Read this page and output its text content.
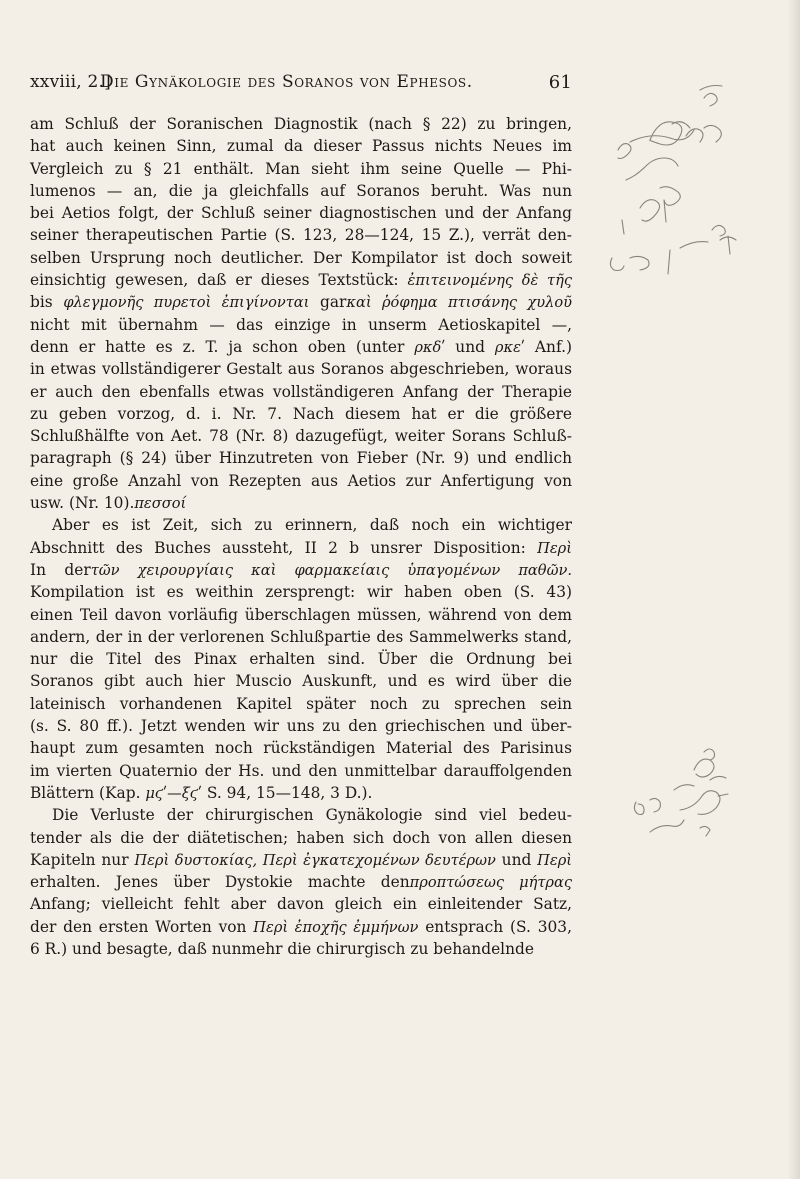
xxviii, 2.]
Die Gynäkologie des Soranos von Ephesos.	61
am Schluß der Soranischen Diagnostik (nach § 22) zu bringen,
hat auch keinen Sinn, zumal da dieser Passus nichts Neues im
Vergleich zu § 21 enthält. Man sieht ihm seine Quelle — Phi-
lumenos — an, die ja gleichfalls auf Soranos beruht. Was nun
bei Aetios folgt, der Schluß seiner diagnostischen und der Anfang
seiner therapeutischen Partie (S. 123, 28—124, 15 Z.), verrät den-
selben Ursprung noch deutlicher. Der Kompilator ist doch soweit
einsichtig gewesen, daß er dieses Textstück: ἐπιτεινομένης δὲ τῆς
bis φλεγμονῆς πυρετοὶ ἐπιγίνονται garκαὶ ῥόφημα πτισάνης χυλοῦ
nicht mit übernahm — das einzige in unserm Aetioskapitel —,
denn er hatte es z. T. ja schon oben (unter ρκδʹ und ρκεʹ Anf.)
in etwas vollständigerer Gestalt aus Soranos abgeschrieben, woraus
er auch den ebenfalls etwas vollständigeren Anfang der Therapie
zu geben vorzog, d. i. Nr. 7. Nach diesem hat er die größere
Schlußhälfte von Aet. 78 (Nr. 8) dazugefügt, weiter Sorans Schluß-
paragraph (§ 24) über Hinzutreten von Fieber (Nr. 9) und endlich
eine große Anzahl von Rezepten aus Aetios zur Anfertigung von
usw. (Nr. 10).πεσσοί
Aber es ist Zeit, sich zu erinnern, daß noch ein wichtiger
Abschnitt des Buches aussteht, II 2 b unsrer Disposition: Περὶ
In derτῶν χειρουργίαις καὶ φαρμακείαις ὑπαγομένων παθῶν.
Kompilation ist es weithin zersprengt: wir haben oben (S. 43)
einen Teil davon vorläufig überschlagen müssen, während von dem
andern, der in der verlorenen Schlußpartie des Sammelwerks stand,
nur die Titel des Pinax erhalten sind. Über die Ordnung bei
Soranos gibt auch hier Muscio Auskunft, und es wird über die
lateinisch vorhandenen Kapitel später noch zu sprechen sein
(s. S. 80 ff.). Jetzt wenden wir uns zu den griechischen und über-
haupt zum gesamten noch rückständigen Material des Parisinus
im vierten Quaternio der Hs. und den unmittelbar darauffolgenden
Blättern (Kap. μϛʹ—ξϛʹ S. 94, 15—148, 3 D.).
Die Verluste der chirurgischen Gynäkologie sind viel bedeu-
tender als die der diätetischen; haben sich doch von allen diesen
Kapiteln nur Περὶ δυστοκίας, Περὶ ἐγκατεχομένων δευτέρων und Περὶ
erhalten. Jenes über Dystokie machte denπροπτώσεως μήτρας
Anfang; vielleicht fehlt aber davon gleich ein einleitender Satz,
der den ersten Worten von Περὶ ἐποχῆς ἐμμήνων entsprach (S. 303,
6 R.) und besagte, daß nunmehr die chirurgisch zu behandelnde
